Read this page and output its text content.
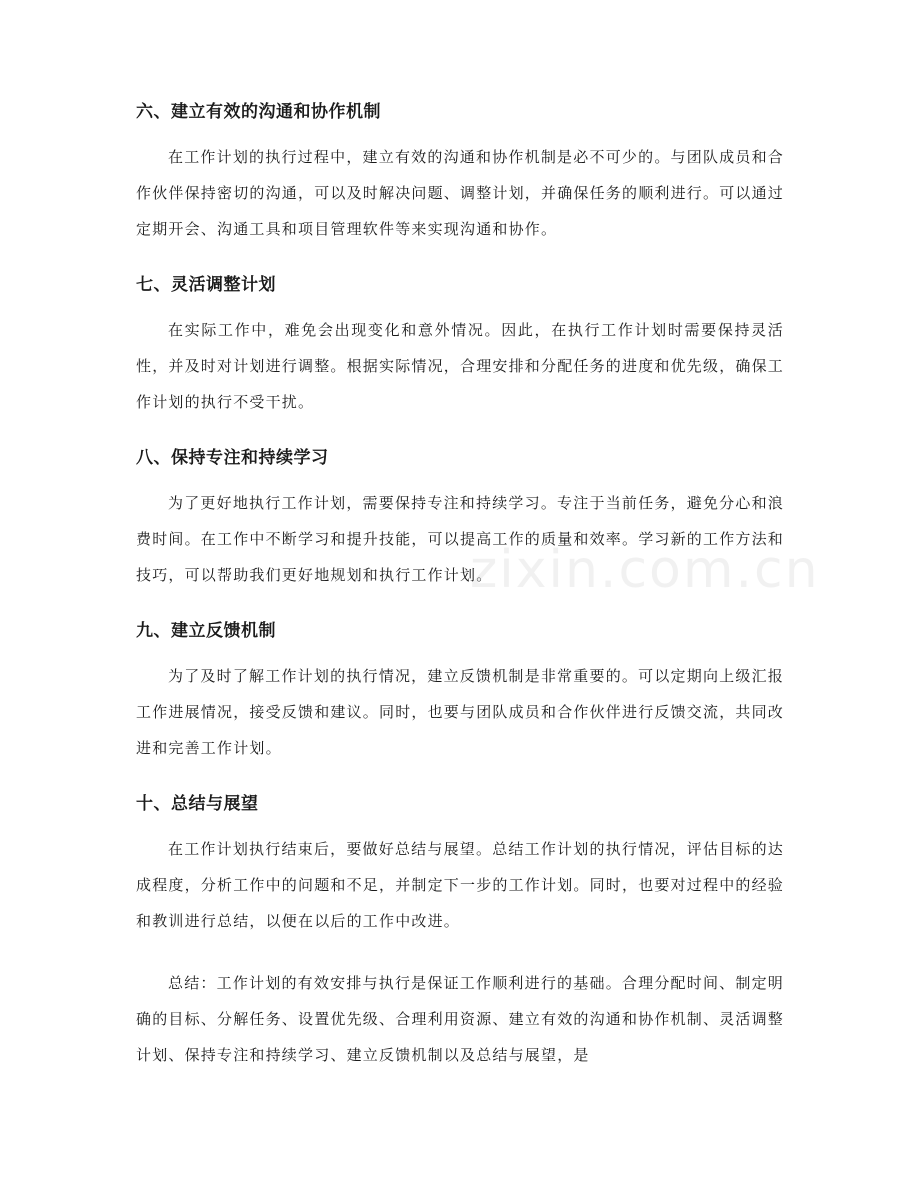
六、建立有效的沟通和协作机制

在工作计划的执行过程中，建立有效的沟通和协作机制是必不可少的。与团队成员和合作伙伴保持密切的沟通，可以及时解决问题、调整计划，并确保任务的顺利进行。可以通过定期开会、沟通工具和项目管理软件等来实现沟通和协作。

七、灵活调整计划

在实际工作中，难免会出现变化和意外情况。因此，在执行工作计划时需要保持灵活性，并及时对计划进行调整。根据实际情况，合理安排和分配任务的进度和优先级，确保工作计划的执行不受干扰。

八、保持专注和持续学习

为了更好地执行工作计划，需要保持专注和持续学习。专注于当前任务，避免分心和浪费时间。在工作中不断学习和提升技能，可以提高工作的质量和效率。学习新的工作方法和技巧，可以帮助我们更好地规划和执行工作计划。

九、建立反馈机制

为了及时了解工作计划的执行情况，建立反馈机制是非常重要的。可以定期向上级汇报工作进展情况，接受反馈和建议。同时，也要与团队成员和合作伙伴进行反馈交流，共同改进和完善工作计划。

十、总结与展望

在工作计划执行结束后，要做好总结与展望。总结工作计划的执行情况，评估目标的达成程度，分析工作中的问题和不足，并制定下一步的工作计划。同时，也要对过程中的经验和教训进行总结，以便在以后的工作中改进。

总结：工作计划的有效安排与执行是保证工作顺利进行的基础。合理分配时间、制定明确的目标、分解任务、设置优先级、合理利用资源、建立有效的沟通和协作机制、灵活调整计划、保持专注和持续学习、建立反馈机制以及总结与展望，是

zixin.com.cn
